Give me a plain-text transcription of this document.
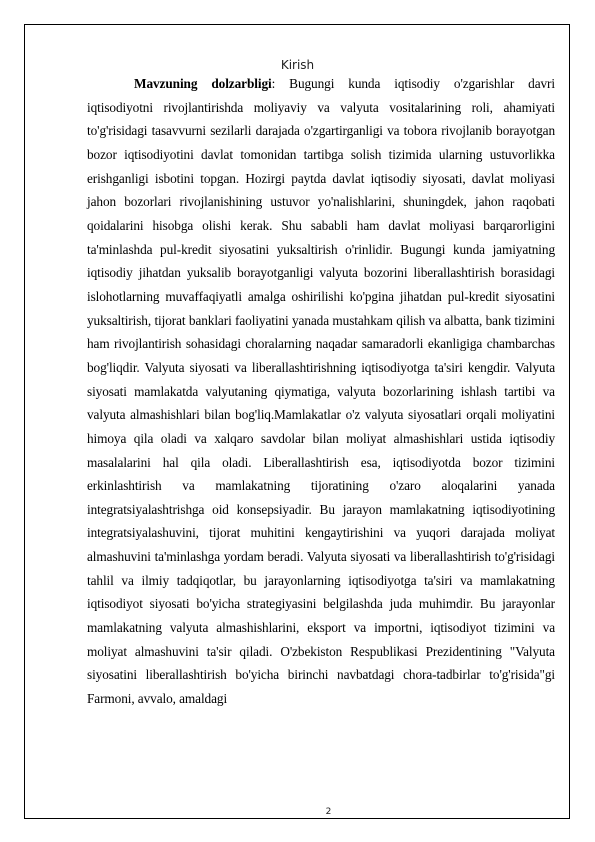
Kirish

Mavzuning dolzarbligi: Bugungi kunda iqtisodiy o'zgarishlar davri iqtisodiyotni rivojlantirishda moliyaviy va valyuta vositalarining roli, ahamiyati to'g'risidagi tasavvurni sezilarli darajada o'zgartirganligi va tobora rivojlanib borayotgan bozor iqtisodiyotini davlat tomonidan tartibga solish tizimida ularning ustuvorlikka erishganligi isbotini topgan. Hozirgi paytda davlat iqtisodiy siyosati, davlat moliyasi jahon bozorlari rivojlanishining ustuvor yo'nalishlarini, shuningdek, jahon raqobati qoidalarini hisobga olishi kerak. Shu sababli ham davlat moliyasi barqarorligini ta'minlashda pul-kredit siyosatini yuksaltirish o'rinlidir. Bugungi kunda jamiyatning iqtisodiy jihatdan yuksalib borayotganligi valyuta bozorini liberallashtirish borasidagi islohotlarning muvaffaqiyatli amalga oshirilishi ko'pgina jihatdan pul-kredit siyosatini yuksaltirish, tijorat banklari faoliyatini yanada mustahkam qilish va albatta, bank tizimini ham rivojlantirish sohasidagi choralarning naqadar samaradorli ekanligiga chambarchas bog'liqdir. Valyuta siyosati va liberallashtirishning iqtisodiyotga ta'siri kengdir. Valyuta siyosati mamlakatda valyutaning qiymatiga, valyuta bozorlarining ishlash tartibi va valyuta almashishlari bilan bog'liq.Mamlakatlar o'z valyuta siyosatlari orqali moliyatini himoya qila oladi va xalqaro savdolar bilan moliyat almashishlari ustida iqtisodiy masalalarini hal qila oladi. Liberallashtirish esa, iqtisodiyotda bozor tizimini erkinlashtirish va mamlakatning tijoratining o'zaro aloqalarini yanada integratsiyalashtrishga oid konsepsiyadir. Bu jarayon mamlakatning iqtisodiyotining integratsiyalashuvini, tijorat muhitini kengaytirishini va yuqori darajada moliyat almashuvini ta'minlashga yordam beradi. Valyuta siyosati va liberallashtirish to'g'risidagi tahlil va ilmiy tadqiqotlar, bu jarayonlarning iqtisodiyotga ta'siri va mamlakatning iqtisodiyot siyosati bo'yicha strategiyasini belgilashda juda muhimdir. Bu jarayonlar mamlakatning valyuta almashishlarini, eksport va importni, iqtisodiyot tizimini va moliyat almashuvini ta'sir qiladi. O'zbekiston Respublikasi Prezidentining "Valyuta siyosatini liberallashtirish bo'yicha birinchi navbatdagi chora-tadbirlar to'g'risida"gi Farmoni, avvalo, amaldagi

2
